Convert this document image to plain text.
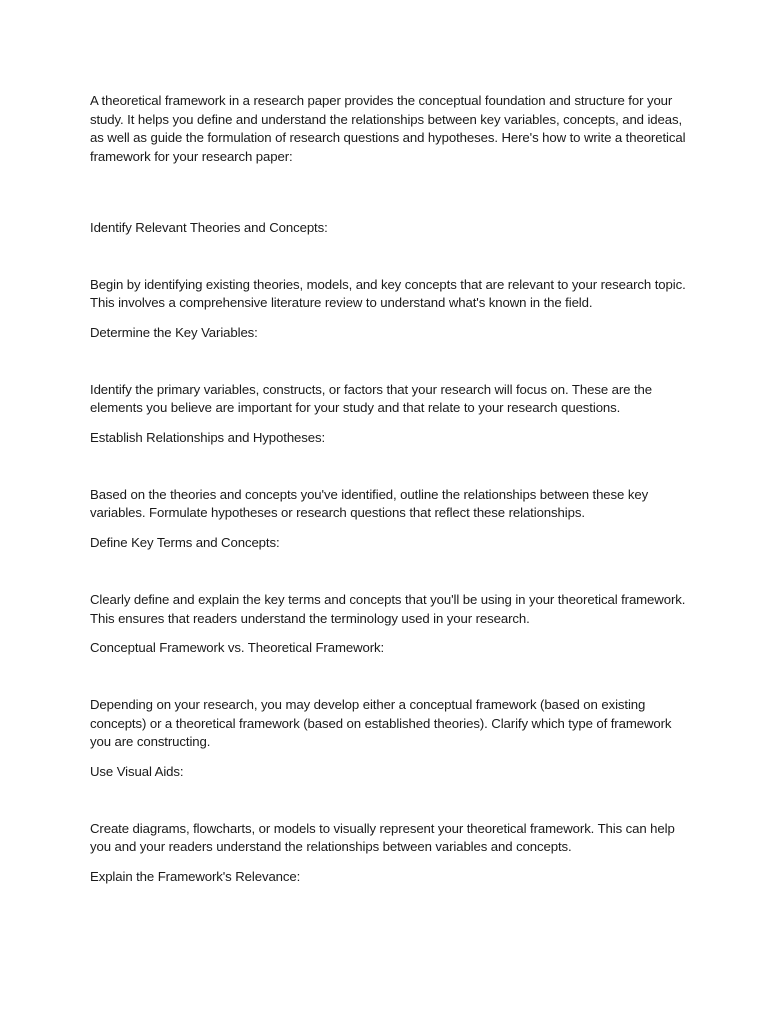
A theoretical framework in a research paper provides the conceptual foundation and structure for your
study. It helps you define and understand the relationships between key variables, concepts, and ideas,
as well as guide the formulation of research questions and hypotheses. Here's how to write a theoretical
framework for your research paper:

Identify Relevant Theories and Concepts:

Begin by identifying existing theories, models, and key concepts that are relevant to your research topic.
This involves a comprehensive literature review to understand what's known in the field.

Determine the Key Variables:

Identify the primary variables, constructs, or factors that your research will focus on. These are the
elements you believe are important for your study and that relate to your research questions.

Establish Relationships and Hypotheses:

Based on the theories and concepts you've identified, outline the relationships between these key
variables. Formulate hypotheses or research questions that reflect these relationships.

Define Key Terms and Concepts:

Clearly define and explain the key terms and concepts that you'll be using in your theoretical framework.
This ensures that readers understand the terminology used in your research.

Conceptual Framework vs. Theoretical Framework:

Depending on your research, you may develop either a conceptual framework (based on existing
concepts) or a theoretical framework (based on established theories). Clarify which type of framework
you are constructing.

Use Visual Aids:

Create diagrams, flowcharts, or models to visually represent your theoretical framework. This can help
you and your readers understand the relationships between variables and concepts.

Explain the Framework's Relevance:
